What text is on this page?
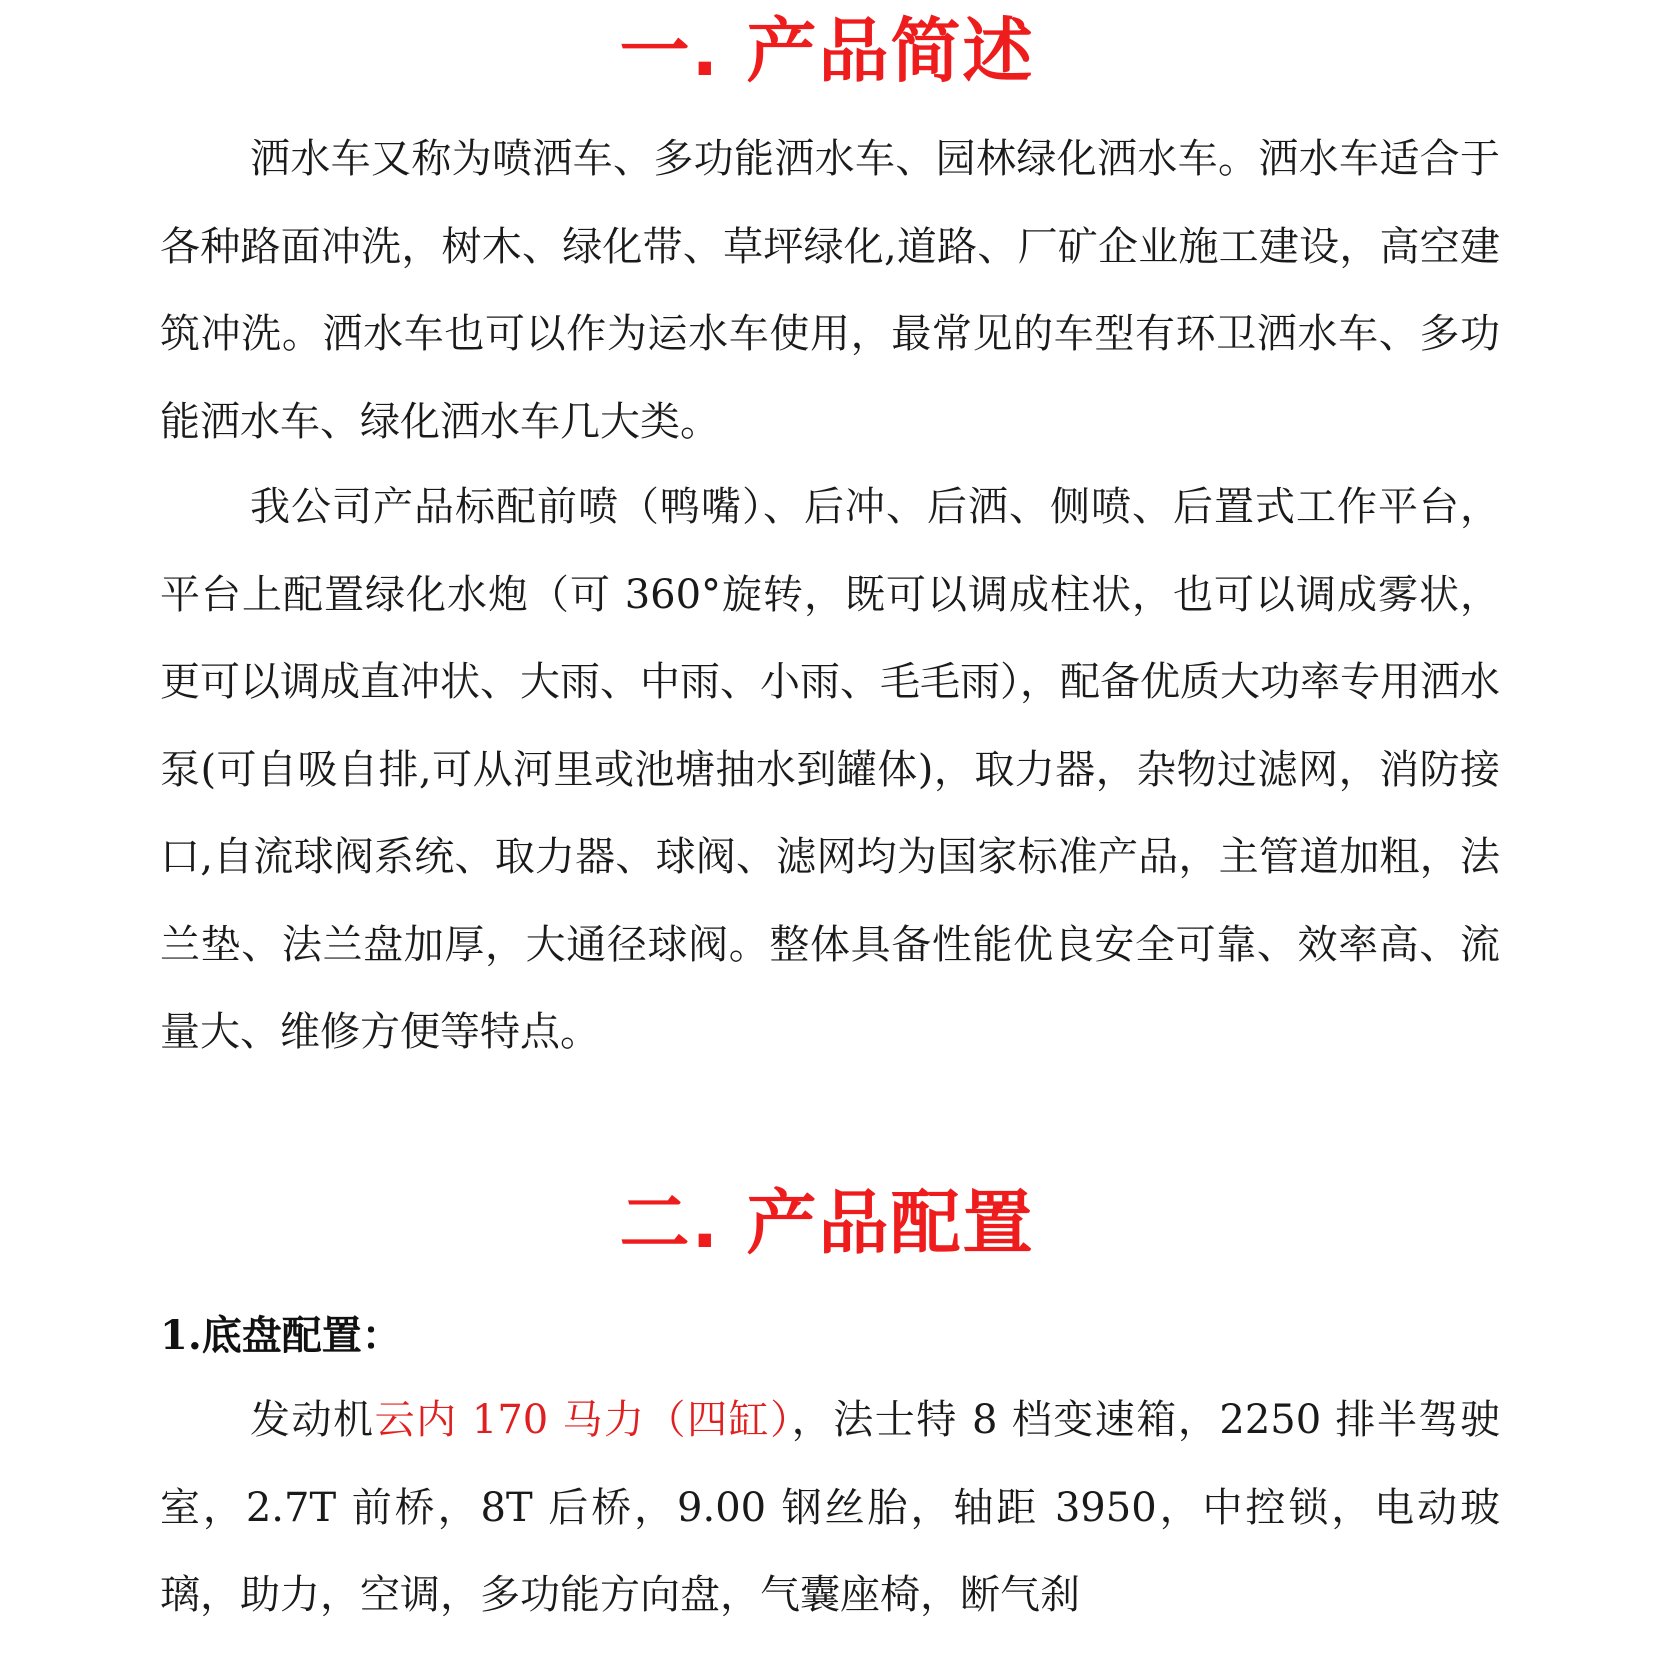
一. 产品简述

洒水车又称为喷洒车、多功能洒水车、园林绿化洒水车。洒水车适合于各种路面冲洗，树木、绿化带、草坪绿化,道路、厂矿企业施工建设，高空建筑冲洗。洒水车也可以作为运水车使用，最常见的车型有环卫洒水车、多功能洒水车、绿化洒水车几大类。

我公司产品标配前喷（鸭嘴）、后冲、后洒、侧喷、后置式工作平台，平台上配置绿化水炮（可 360°旋转，既可以调成柱状，也可以调成雾状，更可以调成直冲状、大雨、中雨、小雨、毛毛雨），配备优质大功率专用洒水泵(可自吸自排,可从河里或池塘抽水到罐体)，取力器，杂物过滤网，消防接口,自流球阀系统、取力器、球阀、滤网均为国家标准产品，主管道加粗，法兰垫、法兰盘加厚，大通径球阀。整体具备性能优良安全可靠、效率高、流量大、维修方便等特点。

二. 产品配置

1.底盘配置：

发动机云内 170 马力（四缸），法士特 8 档变速箱，2250 排半驾驶室，2.7T 前桥，8T 后桥，9.00 钢丝胎，轴距 3950，中控锁，电动玻璃，助力，空调，多功能方向盘，气囊座椅，断气刹
